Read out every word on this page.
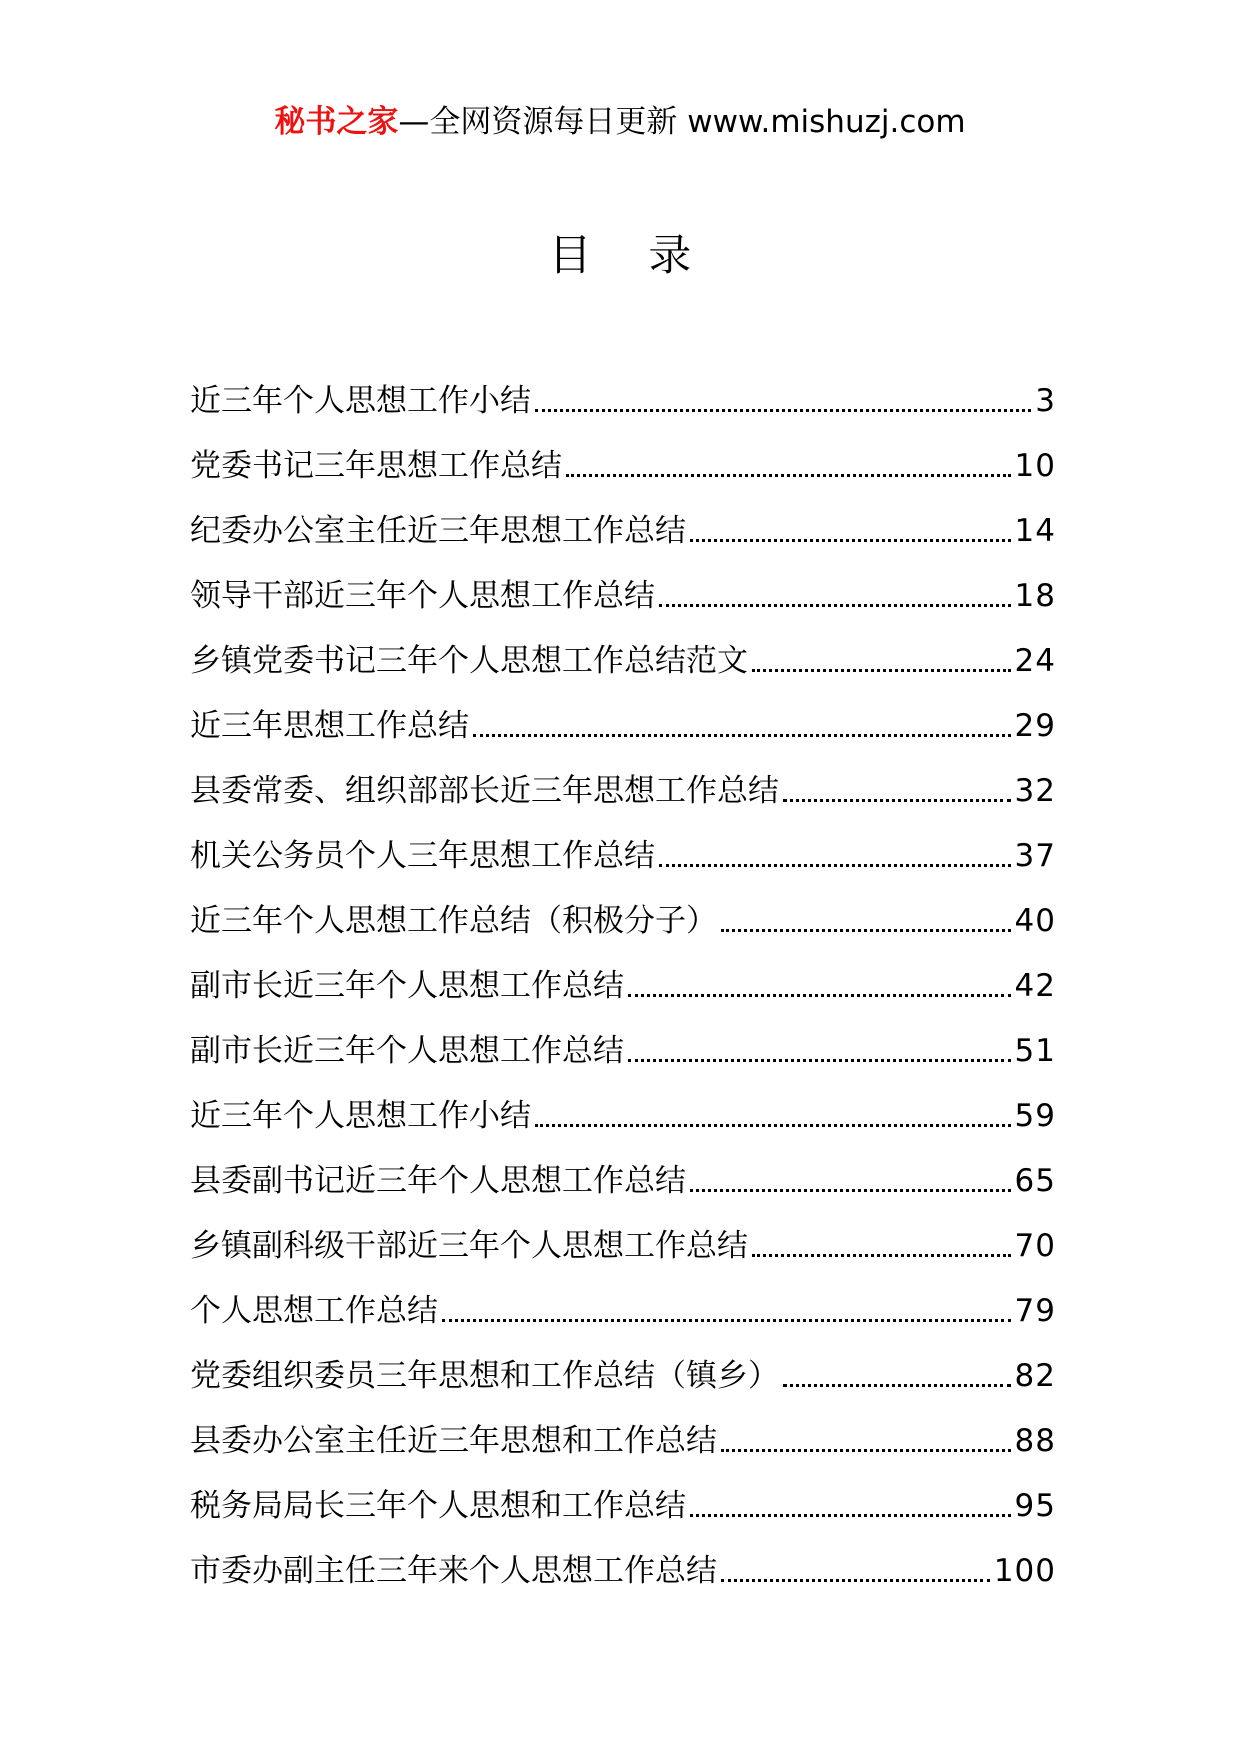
秘书之家—全网资源每日更新 www.mishuzj.com
目 录
近三年个人思想工作小结	3
党委书记三年思想工作总结	10
纪委办公室主任近三年思想工作总结	14
领导干部近三年个人思想工作总结	18
乡镇党委书记三年个人思想工作总结范文	24
近三年思想工作总结	29
县委常委、组织部部长近三年思想工作总结	32
机关公务员个人三年思想工作总结	37
近三年个人思想工作总结（积极分子）	40
副市长近三年个人思想工作总结	42
副市长近三年个人思想工作总结	51
近三年个人思想工作小结	59
县委副书记近三年个人思想工作总结	65
乡镇副科级干部近三年个人思想工作总结	70
个人思想工作总结	79
党委组织委员三年思想和工作总结（镇乡）	82
县委办公室主任近三年思想和工作总结	88
税务局局长三年个人思想和工作总结	95
市委办副主任三年来个人思想工作总结	100
